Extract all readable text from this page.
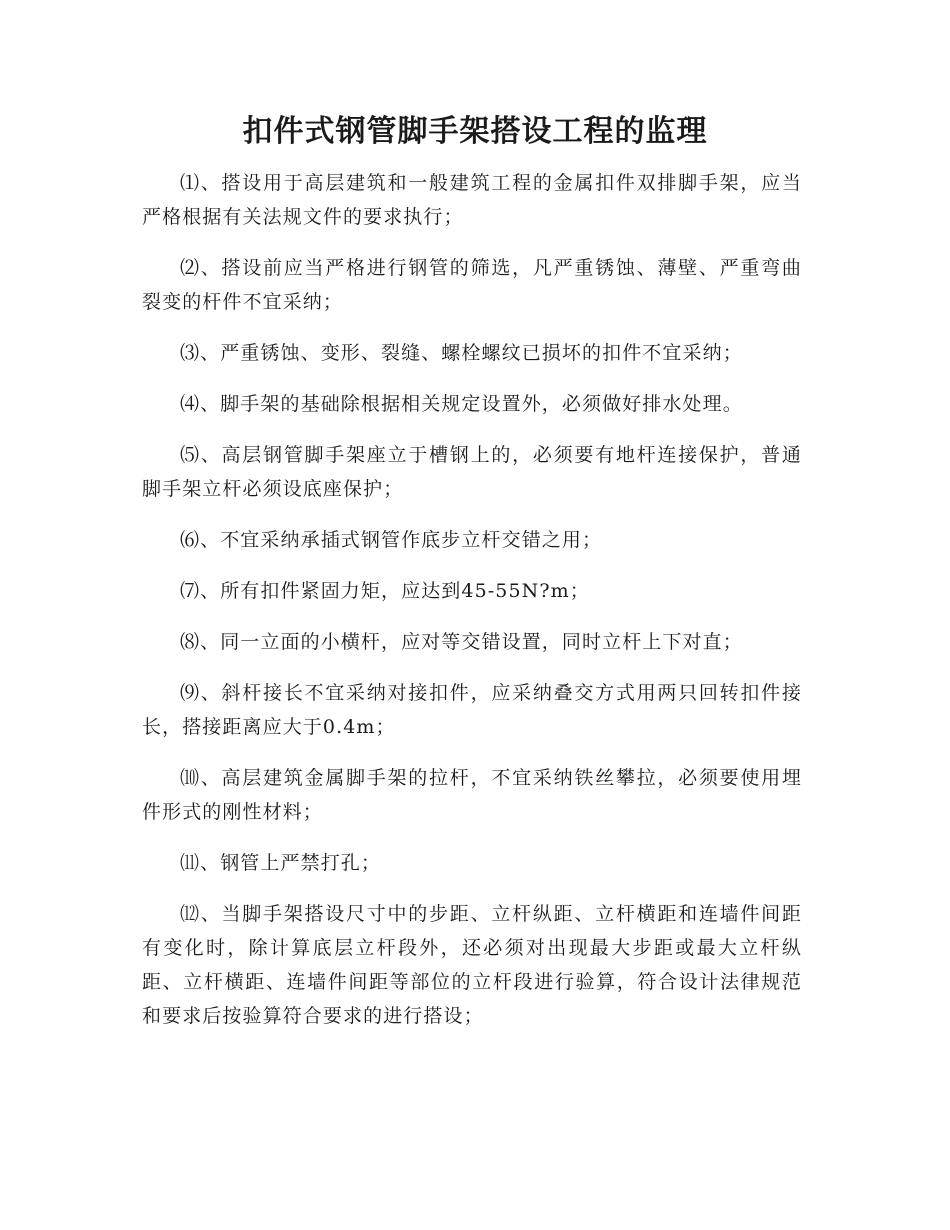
扣件式钢管脚手架搭设工程的监理

⑴、搭设用于高层建筑和一般建筑工程的金属扣件双排脚手架，应当严格根据有关法规文件的要求执行；

⑵、搭设前应当严格进行钢管的筛选，凡严重锈蚀、薄壁、严重弯曲裂变的杆件不宜采纳；

⑶、严重锈蚀、变形、裂缝、螺栓螺纹已损坏的扣件不宜采纳；

⑷、脚手架的基础除根据相关规定设置外，必须做好排水处理。

⑸、高层钢管脚手架座立于槽钢上的，必须要有地杆连接保护，普通脚手架立杆必须设底座保护；

⑹、不宜采纳承插式钢管作底步立杆交错之用；

⑺、所有扣件紧固力矩，应达到45-55N?m；

⑻、同一立面的小横杆，应对等交错设置，同时立杆上下对直；

⑼、斜杆接长不宜采纳对接扣件，应采纳叠交方式用两只回转扣件接长，搭接距离应大于0.4m；

⑽、高层建筑金属脚手架的拉杆，不宜采纳铁丝攀拉，必须要使用埋件形式的刚性材料；

⑾、钢管上严禁打孔；

⑿、当脚手架搭设尺寸中的步距、立杆纵距、立杆横距和连墙件间距有变化时，除计算底层立杆段外，还必须对出现最大步距或最大立杆纵距、立杆横距、连墙件间距等部位的立杆段进行验算，符合设计法律规范和要求后按验算符合要求的进行搭设；
